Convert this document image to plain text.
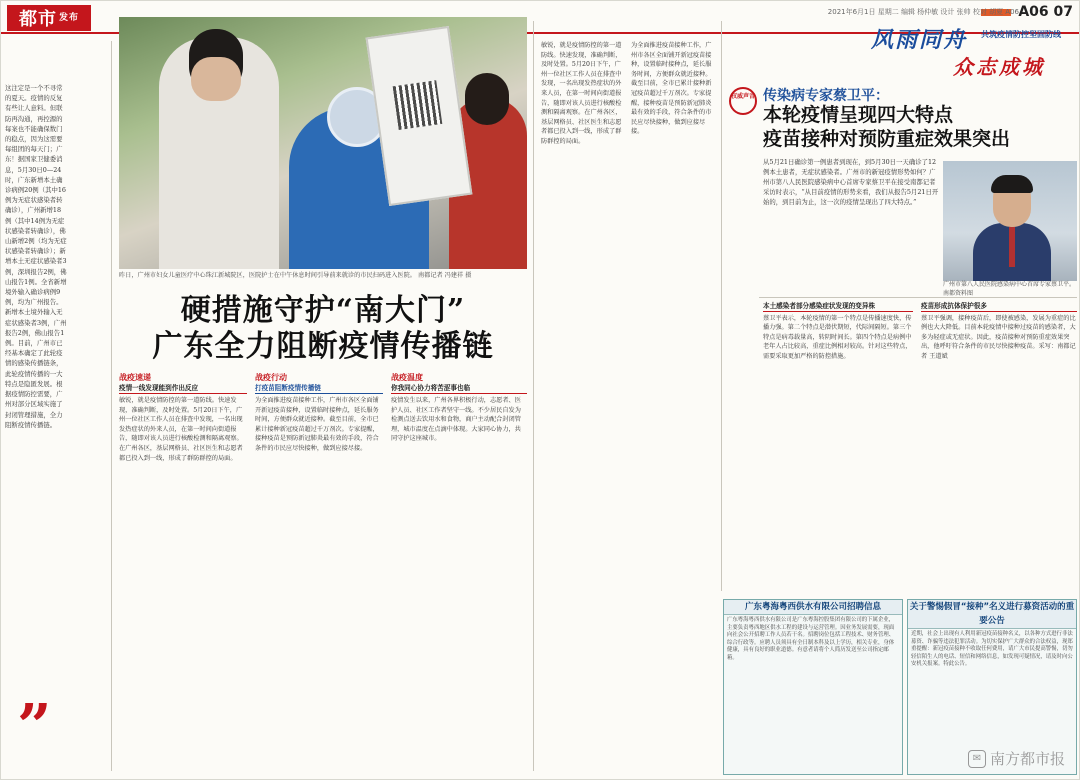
都市 发布
2021年6月1日 星期二 编辑 杨仲敏 设计 张帅 校对 胡夏 A06 A06 07
这注定是一个不寻常的夏天。疫情的反复有些让人意料。但联防再沟通，再控源的每案也不能确保数门的稳点，因为这需要每组团的每天门；广东！据国家卫健委消息，5月30日0—24时，广东新增本土确诊病例20例（其中16例为无症状感染者转确诊），广州新增18例（其中14例为无症状感染者转确诊），佛山新增2例（均为无症状感染者转确诊）；新增本土无症状感染者3例，深圳报告2例，佛山报告1例。全省新增境外输入确诊病例9例，均为广州报告。新增本土境外输入无症状感染者3例，广州报告2例，佛山报告1例。目前，广州市已经基本确定了此轮疫情的感染传播链条，此轮疫情传播的一大特点是隐匿发展。根据疫情防控需要，广州对部分区域实施了封闭管理措施，全力阻断疫情传播链。
”
昨日，广州市妇女儿童医疗中心珠江新城院区，医院护士在中午休息时间引导前来就诊的市民扫码进入医院。 南都记者 冯建祥 摄
硬措施守护“南大门”
广东全力阻断疫情传播链
战疫速递
疫情一线发现能到作出反应
敏锐，就是疫情防控的第一道防线。快速发现，准确判断，及时处置。5月20日下午，广州一位社区工作人员在排查中发现，一名出现发热症状的外来人员，在第一时间向街道报告，随即对该人员进行核酸检测和隔离观察。在广州各区，基层网格员、社区医生和志愿者都已投入到一线，形成了群防群控的局面。
战疫行动
打疫苗阻断疫情传播链
为全面推进疫苗接种工作，广州市各区全面铺开新冠疫苗接种，设置临时接种点，延长服务时间，方便群众就近接种。截至目前，全市已累计接种新冠疫苗超过千万剂次。专家提醒，接种疫苗是预防新冠肺炎最有效的手段，符合条件的市民应尽快接种，做到应接尽接。
战疫温度
你我同心协力将苦涩事也临
疫情发生以来，广州各界积极行动，志愿者、医护人员、社区工作者坚守一线。不少居民自发为检测点送去饮用水和食物，商户主动配合封闭管理，城市温度在点滴中体现。大家同心协力，共同守护这座城市。
敏锐，就是疫情防控的第一道防线。快速发现，准确判断，及时处置。5月20日下午，广州一位社区工作人员在排查中发现，一名出现发热症状的外来人员，在第一时间向街道报告，随即对该人员进行核酸检测和隔离观察。在广州各区，基层网格员、社区医生和志愿者都已投入到一线，形成了群防群控的局面。
为全面推进疫苗接种工作，广州市各区全面铺开新冠疫苗接种，设置临时接种点，延长服务时间，方便群众就近接种。截至目前，全市已累计接种新冠疫苗超过千万剂次。专家提醒，接种疫苗是预防新冠肺炎最有效的手段，符合条件的市民应尽快接种，做到应接尽接。
风雨同舟 共筑疫情防控坚固防线
众志成城
权威声音 传染病专家蔡卫平：
本轮疫情呈现四大特点
疫苗接种对预防重症效果突出
从5月21日确诊第一例患者到现在，到5月30日一天确诊了12例本土患者，无症状感染者。广州市的新冠疫情形势如何？广州市第八人民医院感染病中心首席专家蔡卫平在接受南都记者采访时表示，“从目前疫情的形势来看，我们从报告5月21日开始的，到目前为止，这一次的疫情呈现出了四大特点。”
广州市第八人民医院感染病中心首席专家蔡卫平。南都资料图
本土感染者部分感染症状发现的变异株
蔡卫平表示，本轮疫情的第一个特点是传播速度快，传播力强。第二个特点是潜伏期短，代际间隔短。第三个特点是病毒载量高，转阴时间长。第四个特点是病例中老年人占比较高，重症比例相对较高。针对这些特点，需要采取更加严格的防控措施。
疫苗形成抗体保护很多
蔡卫平强调，接种疫苗后，即使被感染，发展为重症的比例也大大降低。目前本轮疫情中接种过疫苗的感染者，大多为轻症或无症状。因此，疫苗接种对预防重症效果突出，他呼吁符合条件的市民尽快接种疫苗。采写：南都记者 王道斌
广东粤海粤西供水有限公司招聘信息
广东粤海粤西供水有限公司是广东粤海控股集团有限公司的下属企业，主要负责粤西地区供水工程的建设与运营管理。因业务发展需要，现面向社会公开招聘工作人员若干名。招聘岗位包括工程技术、财务管理、综合行政等。应聘人员须具有全日制本科及以上学历，相关专业，身体健康，具有良好的职业道德。有意者请将个人简历发送至公司指定邮箱。
关于警惕假冒“接种”名义进行募资活动的重要公告
近期，社会上出现有人利用新冠疫苗接种名义，以各种方式进行非法募资、诈骗等违法犯罪活动。为切实保护广大群众的合法权益，现郑重提醒：新冠疫苗接种不收取任何费用，请广大市民提高警惕，切勿轻信陌生人的电话、短信和网络信息，如发现可疑情况，请及时向公安机关报案。特此公告。
✉ 南方都市报
